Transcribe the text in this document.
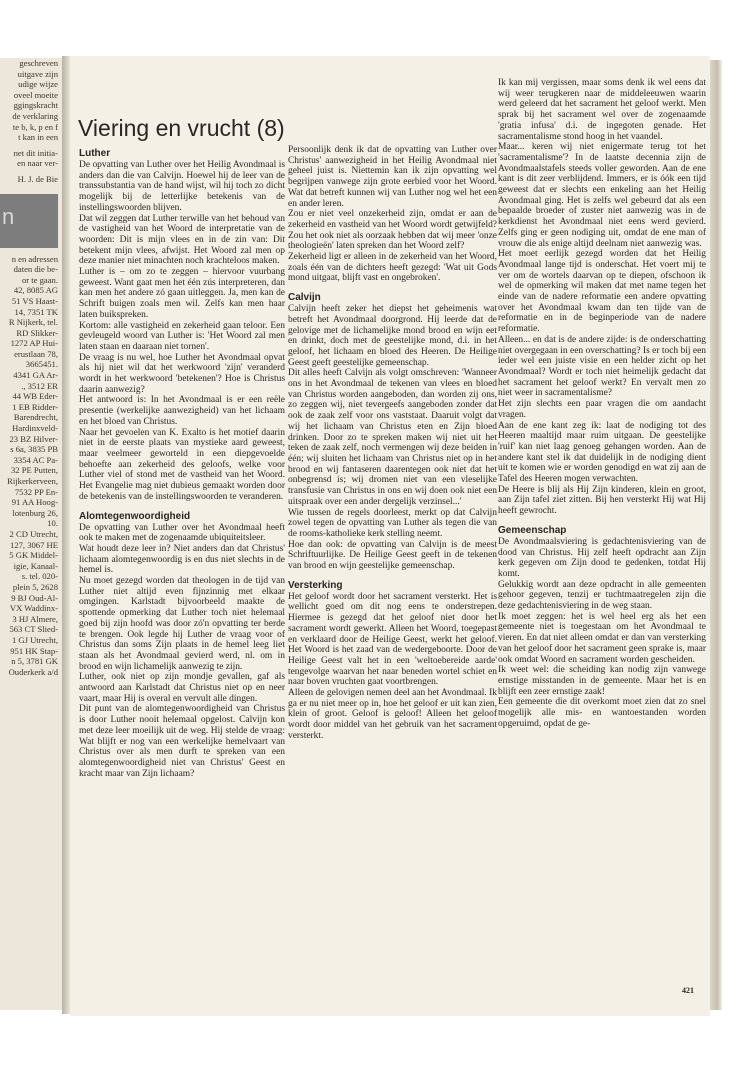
geschreven
uitgave zijn
udige wijze
oveel moeite
ggingskracht
de verklaring
te b, k, p en f
t kan in een
net dit initia-
en naar ver-
H. J. de Bie
n
n en adressen
daten die be-
or te gaan.
42, 8085 AG
51 VS Haast-
14, 7351 TK
R Nijkerk, tel.
RD Slikker-
1272 AP Hui-
erustlaan 78,
3665451.
4341 GA Ar-
., 3512 ER
44 WB Eder-
1 EB Ridder-
Barendrecht,
Hardinxveld-
23 BZ Hilver-
s 6a, 3835 PB
3354 AC Pa-
32 PE Putten,
Rijkerkerveen,
7532 PP En-
91 AA Hoog-
lotenburg 26,
10.
2 CD Utrecht,
127, 3067 HE
5 GK Middel-
igie, Kanaal-
s. tel. 020-
plein 5, 2628
9 BJ Oud-Al-
VX Waddinx-
3 HJ Almere,
563 CT Slied-
1 GJ Utrecht,
951 HK Stap-
n 5, 3781 GK
Ouderkerk a/d
Viering en vrucht (8)
Luther

De opvatting van Luther over het Heilig Avondmaal is anders dan die van Calvijn. Hoewel hij de leer van de transsubstantia van de hand wijst, wil hij toch zo dicht mogelijk bij de letterlijke betekenis van de instellingswoorden blijven.

Dat wil zeggen dat Luther terwille van het behoud van de vastigheid van het Woord de interpretatie van de woorden: Dit is mijn vlees en in de zin van: Dit betekent mijn vlees, afwijst. Het Woord zal men op deze manier niet minachten noch krachteloos maken.

Luther is – om zo te zeggen – hiervoor vuurbang geweest. Want gaat men het één zús interpreteren, dan kan men het andere zó gaan uitleggen. Ja, men kan de Schrift buigen zoals men wil. Zelfs kan men haar laten buikspreken.

Kortom: alle vastigheid en zekerheid gaan teloor. Een gevleugeld woord van Luther is: 'Het Woord zal men laten staan en daaraan niet tornen'.

De vraag is nu wel, hoe Luther het Avondmaal opvat als hij niet wil dat het werkwoord 'zijn' veranderd wordt in het werkwoord 'betekenen'? Hoe is Christus daarin aanwezig?

Het antwoord is: In het Avondmaal is er een reële presentie (werkelijke aanwezigheid) van het lichaam en het bloed van Christus.

Naar het gevoelen van K. Exalto is het motief daarin niet in de eerste plaats van mystieke aard geweest, maar veelmeer geworteld in een diepgevoelde behoefte aan zekerheid des geloofs, welke voor Luther viel of stond met de vastheid van het Woord. Het Evangelie mag niet dubieus gemaakt worden door de betekenis van de instellingswoorden te veranderen.

Alomtegenwoordigheid

De opvatting van Luther over het Avondmaal heeft ook te maken met de zogenaamde ubiquiteitsleer.

Wat houdt deze leer in? Niet anders dan dat Christus' lichaam alomtegenwoordig is en dus niet slechts in de hemel is.

Nu moet gezegd worden dat theologen in de tijd van Luther niet altijd even fijnzinnig met elkaar omgingen. Karlstadt bijvoorbeeld maakte de spottende opmerking dat Luther toch niet helemaal goed bij zijn hoofd was door zó'n opvatting ter berde te brengen. Ook legde hij Luther de vraag voor of Christus dan soms Zijn plaats in de hemel leeg liet staan als het Avondmaal gevierd werd, nl. om in brood en wijn lichamelijk aanwezig te zijn.

Luther, ook niet op zijn mondje gevallen, gaf als antwoord aan Karlstadt dat Christus niet op en neer vaart, maar Hij is overal en vervult alle dingen.

Dit punt van de alomtegenwoordigheid van Christus is door Luther nooit helemaal opgelost. Calvijn kon met deze leer moeilijk uit de weg. Hij stelde de vraag: Wat blijft er nog van een werkelijke hemelvaart van Christus over als men durft te spreken van een alomtegenwoordigheid niet van Christus' Geest en kracht maar van Zijn lichaam?

Persoonlijk denk ik dat de opvatting van Luther over Christus' aanwezigheid in het Heilig Avondmaal niet geheel juist is. Niettemin kan ik zijn opvatting wel begrijpen vanwege zijn grote eerbied voor het Woord. Wat dat betreft kunnen wij van Luther nog wel het een en ander leren.

Zou er niet veel onzekerheid zijn, omdat er aan de zekerheid en vastheid van het Woord wordt getwijfeld? Zou het ook niet als oorzaak hebben dat wij meer 'onze theologieën' laten spreken dan het Woord zelf?

Zekerheid ligt er alleen in de zekerheid van het Woord, zoals één van de dichters heeft gezegd: 'Wat uit Gods mond uitgaat, blijft vast en ongebroken'.

Calvijn

Calvijn heeft zeker het diepst het geheimenis wat betreft het Avondmaal doorgrond. Hij leerde dat de gelovige met de lichamelijke mond brood en wijn eet en drinkt, doch met de geestelijke mond, d.i. in het geloof, het lichaam en bloed des Heeren. De Heilige Geest geeft geestelijke gemeenschap.

Dit alles heeft Calvijn als volgt omschreven: 'Wanneer ons in het Avondmaal de tekenen van vlees en bloed van Christus worden aangeboden, dan worden zij ons, zo zeggen wij, niet tevergeefs aangeboden zonder dat ook de zaak zelf voor ons vaststaat. Daaruit volgt dat wij het lichaam van Christus eten en Zijn bloed drinken. Door zo te spreken maken wij niet uit het teken de zaak zelf, noch vermengen wij deze beiden in één; wij sluiten het lichaam van Christus niet op in het brood en wij fantaseren daarentegen ook niet dat het onbegrensd is; wij dromen niet van een vleselijke transfusie van Christus in ons en wij doen ook niet een uitspraak over een ander dergelijk verzinsel...'

Wie tussen de regels doorleest, merkt op dat Calvijn zowel tegen de opvatting van Luther als tegen die van de rooms-katholieke kerk stelling neemt.

Hoe dan ook: de opvatting van Calvijn is de meest Schriftuurlijke. De Heilige Geest geeft in de tekenen van brood en wijn geestelijke gemeenschap.

Versterking

Het geloof wordt door het sacrament versterkt. Het is wellicht goed om dit nog eens te onderstrepen. Hiermee is gezegd dat het geloof niet door het sacrament wordt gewerkt. Alleen het Woord, toegepast en verklaard door de Heilige Geest, werkt het geloof. Het Woord is het zaad van de wedergeboorte. Door de Heilige Geest valt het in een 'weltoebereide aarde' tengevolge waarvan het naar beneden wortel schiet en naar boven vruchten gaat voortbrengen.

Alleen de gelovigen nemen deel aan het Avondmaal. Ik ga er nu niet meer op in, hoe het geloof er uit kan zien, klein of groot. Geloof is geloof! Alleen het geloof wordt door middel van het gebruik van het sacrament versterkt.

Ik kan mij vergissen, maar soms denk ik wel eens dat wij weer terugkeren naar de middeleeuwen waarin werd geleerd dat het sacrament het geloof werkt. Men sprak bij het sacrament wel over de zogenaamde 'gratia infusa' d.i. de ingegoten genade. Het sacramentalisme stond hoog in het vaandel.

Maar... keren wij niet enigermate terug tot het 'sacramentalisme'? In de laatste decennia zijn de Avondmaalstafels steeds voller geworden. Aan de ene kant is dit zeer verblijdend. Immers, er is óók een tijd geweest dat er slechts een enkeling aan het Heilig Avondmaal ging. Het is zelfs wel gebeurd dat als een bepaalde broeder of zuster niet aanwezig was in de kerkdienst het Avondmaal niet eens werd gevierd. Zelfs ging er geen nodiging uit, omdat de ene man of vrouw die als enige altijd deelnam niet aanwezig was.

Het moet eerlijk gezegd worden dat het Heilig Avondmaal lange tijd is onderschat. Het voert mij te ver om de wortels daarvan op te diepen, ofschoon ik wel de opmerking wil maken dat met name tegen het einde van de nadere reformatie een andere opvatting over het Avondmaal kwam dan ten tijde van de reformatie en in de beginperiode van de nadere reformatie.

Alleen... en dat is de andere zijde: is de onderschatting niet overgegaan in een overschatting? Is er toch bij een ieder wel een juiste visie en een helder zicht op het Avondmaal? Wordt er toch niet heimelijk gedacht dat het sacrament het geloof werkt? En vervalt men zo niet weer in sacramentalisme?

Het zijn slechts een paar vragen die om aandacht vragen.

Aan de ene kant zeg ik: laat de nodiging tot des Heeren maaltijd maar ruim uitgaan. De geestelijke 'ruif' kan niet laag genoeg gehangen worden. Aan de andere kant stel ik dat duidelijk in de nodiging dient uit te komen wie er worden genodigd en wat zij aan de Tafel des Heeren mogen verwachten.

De Heere is blij als Hij Zijn kinderen, klein en groot, aan Zijn tafel ziet zitten. Bij hen versterkt Hij wat Hij heeft gewrocht.

Gemeenschap

De Avondmaalsviering is gedachtenisviering van de dood van Christus. Hij zelf heeft opdracht aan Zijn kerk gegeven om Zijn dood te gedenken, totdat Hij komt.

Gelukkig wordt aan deze opdracht in alle gemeenten gehoor gegeven, tenzij er tuchtmaatregelen zijn die deze gedachtenisviering in de weg staan.

Ik moet zeggen: het is wel heel erg als het een gemeente niet is toegestaan om het Avondmaal te vieren. En dat niet alleen omdat er dan van versterking van het geloof door het sacrament geen sprake is, maar ook omdat Woord en sacrament worden gescheiden.

Ik weet wel: die scheiding kan nodig zijn vanwege ernstige misstanden in de gemeente. Maar het is en blijft een zeer ernstige zaak!

Een gemeente die dit overkomt moet zien dat zo snel mogelijk alle mis- en wantoestanden worden opgeruimd, opdat de ge-

421
